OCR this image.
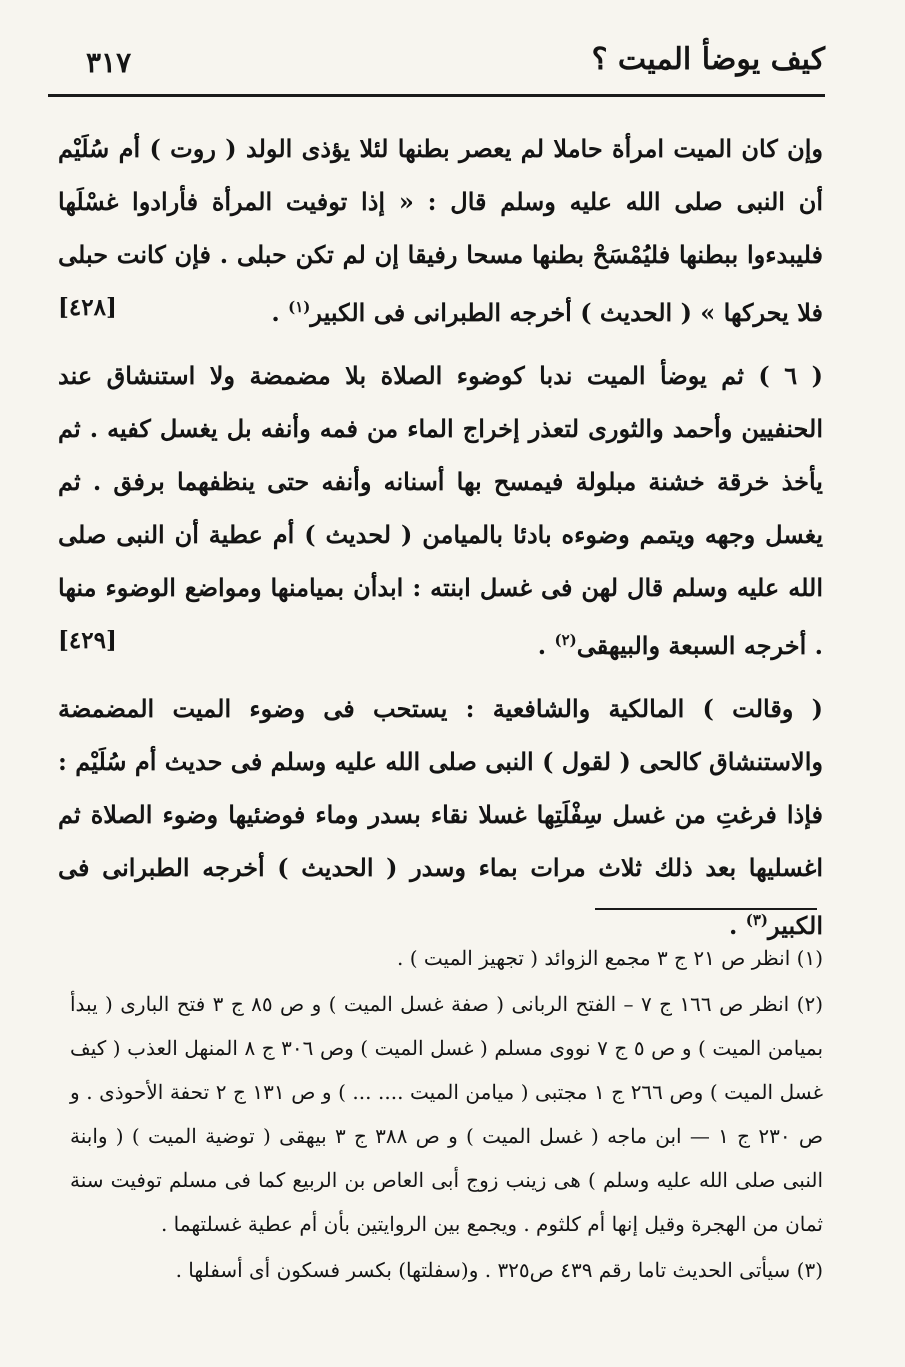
كيف يوضأ الميت ؟
٣١٧

وإن كان الميت امرأة حاملا لم يعصر بطنها لئلا يؤذى الولد ( روت ) أم سُلَيْم أن النبى صلى الله عليه وسلم قال : « إذا توفيت المرأة فأرادوا غسْلَها فليبدءوا ببطنها فليُمْسَحْ بطنها مسحا رفيقا إن لم تكن حبلى . فإن كانت حبلى فلا يحركها » ( الحديث ) أخرجه الطبرانى فى الكبير$^{(١)}$ .
[٤٢٨]

( ٦ ) ثم يوضأ الميت ندبا كوضوء الصلاة بلا مضمضة ولا استنشاق عند الحنفيين وأحمد والثورى لتعذر إخراج الماء من فمه وأنفه بل يغسل كفيه . ثم يأخذ خرقة خشنة مبلولة فيمسح بها أسنانه وأنفه حتى ينظفهما برفق . ثم يغسل وجهه ويتمم وضوءه بادئا بالميامن ( لحديث ) أم عطية أن النبى صلى الله عليه وسلم قال لهن فى غسل ابنته : ابدأن بميامنها ومواضع الوضوء منها . أخرجه السبعة والبيهقى$^{(٢)}$ .
[٤٢٩]

( وقالت ) المالكية والشافعية : يستحب فى وضوء الميت المضمضة والاستنشاق كالحى ( لقول ) النبى صلى الله عليه وسلم فى حديث أم سُلَيْم : فإذا فرغتِ من غسل سِفْلَتِها غسلا نقاء بسدر وماء فوضئيها وضوء الصلاة ثم اغسليها بعد ذلك ثلاث مرات بماء وسدر ( الحديث ) أخرجه الطبرانى فى الكبير$^{(٣)}$ .

(١) انظر ص ٢١ ج ٣ مجمع الزوائد ( تجهيز الميت ) .

(٢) انظر ص ١٦٦ ج ٧ – الفتح الربانى ( صفة غسل الميت ) و ص ٨٥ ج ٣ فتح البارى ( يبدأ بميامن الميت ) و ص ٥ ج ٧ نووى مسلم ( غسل الميت ) وص ٣٠٦ ج ٨ المنهل العذب ( كيف غسل الميت ) وص ٢٦٦ ج ١ مجتبى ( ميامن الميت .... ... ) و ص ١٣١ ج ٢ تحفة الأحوذى . و ص ٢٣٠ ج ١ — ابن ماجه ( غسل الميت ) و ص ٣٨٨ ج ٣ بيهقى ( توضية الميت ) ( وابنة النبى صلى الله عليه وسلم ) هى زينب زوج أبى العاص بن الربيع كما فى مسلم توفيت سنة ثمان من الهجرة وقيل إنها أم كلثوم . ويجمع بين الروايتين بأن أم عطية غسلتهما .

(٣) سيأتى الحديث تاما رقم ٤٣٩ ص٣٢٥ . و(سفلتها) بكسر فسكون أى أسفلها .
